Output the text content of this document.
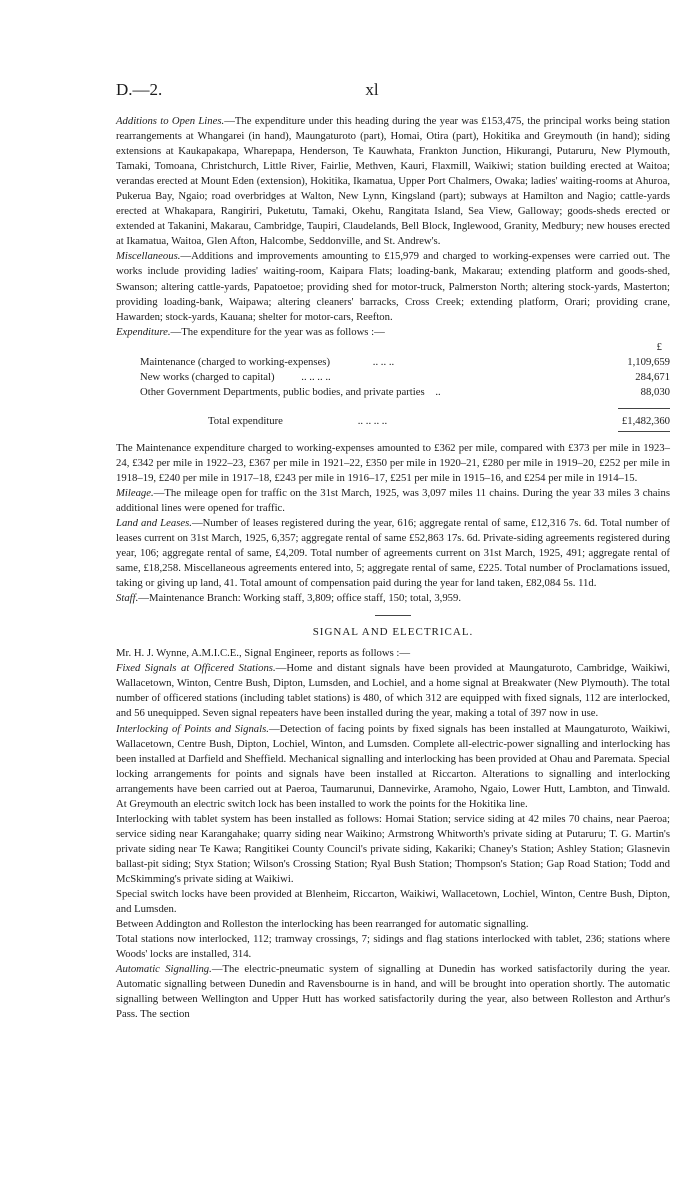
D.—2.	xl

Additions to Open Lines.—The expenditure under this heading during the year was £153,475, the principal works being station rearrangements at Whangarei (in hand), Maungaturoto (part), Homai, Otira (part), Hokitika and Greymouth (in hand); siding extensions at Kaukapakapa, Wharepapa, Henderson, Te Kauwhata, Frankton Junction, Hikurangi, Putaruru, New Plymouth, Tamaki, Tomoana, Christchurch, Little River, Fairlie, Methven, Kauri, Flaxmill, Waikiwi; station building erected at Waitoa; verandas erected at Mount Eden (extension), Hokitika, Ikamatua, Upper Port Chalmers, Owaka; ladies' waiting-rooms at Ahuroa, Pukerua Bay, Ngaio; road overbridges at Walton, New Lynn, Kingsland (part); subways at Hamilton and Nagio; cattle-yards erected at Whakapara, Rangiriri, Puketutu, Tamaki, Okehu, Rangitata Island, Sea View, Galloway; goods-sheds erected or extended at Takanini, Makarau, Cambridge, Taupiri, Claudelands, Bell Block, Inglewood, Granity, Medbury; new houses erected at Ikamatua, Waitoa, Glen Afton, Halcombe, Seddonville, and St. Andrew's.

Miscellaneous.—Additions and improvements amounting to £15,979 and charged to working-expenses were carried out. The works include providing ladies' waiting-room, Kaipara Flats; loading-bank, Makarau; extending platform and goods-shed, Swanson; altering cattle-yards, Papatoetoe; providing shed for motor-truck, Palmerston North; altering stock-yards, Masterton; providing loading-bank, Waipawa; altering cleaners' barracks, Cross Creek; extending platform, Orari; providing crane, Hawarden; stock-yards, Kauana; shelter for motor-cars, Reefton.

Expenditure.—The expenditure for the year was as follows :—

£
Maintenance (charged to working-expenses)	.. .. ..	1,109,659
New works (charged to capital) .. .. .. ..	284,671
Other Government Departments, public bodies, and private parties ..	88,030
Total expenditure	.. .. .. ..	£1,482,360

The Maintenance expenditure charged to working-expenses amounted to £362 per mile, compared with £373 per mile in 1923–24, £342 per mile in 1922–23, £367 per mile in 1921–22, £350 per mile in 1920–21, £280 per mile in 1919–20, £252 per mile in 1918–19, £240 per mile in 1917–18, £243 per mile in 1916–17, £251 per mile in 1915–16, and £254 per mile in 1914–15.

Mileage.—The mileage open for traffic on the 31st March, 1925, was 3,097 miles 11 chains. During the year 33 miles 3 chains additional lines were opened for traffic.

Land and Leases.—Number of leases registered during the year, 616; aggregate rental of same, £12,316 7s. 6d. Total number of leases current on 31st March, 1925, 6,357; aggregate rental of same £52,863 17s. 6d. Private-siding agreements registered during year, 106; aggregate rental of same, £4,209. Total number of agreements current on 31st March, 1925, 491; aggregate rental of same, £18,258. Miscellaneous agreements entered into, 5; aggregate rental of same, £225. Total number of Proclamations issued, taking or giving up land, 41. Total amount of compensation paid during the year for land taken, £82,084 5s. 11d.

Staff.—Maintenance Branch: Working staff, 3,809; office staff, 150; total, 3,959.

SIGNAL AND ELECTRICAL.

Mr. H. J. Wynne, A.M.I.C.E., Signal Engineer, reports as follows :—

Fixed Signals at Officered Stations.—Home and distant signals have been provided at Maungaturoto, Cambridge, Waikiwi, Wallacetown, Winton, Centre Bush, Dipton, Lumsden, and Lochiel, and a home signal at Breakwater (New Plymouth). The total number of officered stations (including tablet stations) is 480, of which 312 are equipped with fixed signals, 112 are interlocked, and 56 unequipped. Seven signal repeaters have been installed during the year, making a total of 397 now in use.

Interlocking of Points and Signals.—Detection of facing points by fixed signals has been installed at Maungaturoto, Waikiwi, Wallacetown, Centre Bush, Dipton, Lochiel, Winton, and Lumsden. Complete all-electric-power signalling and interlocking has been installed at Darfield and Sheffield. Mechanical signalling and interlocking has been provided at Ohau and Paremata. Special locking arrangements for points and signals have been installed at Riccarton. Alterations to signalling and interlocking arrangements have been carried out at Paeroa, Taumarunui, Dannevirke, Aramoho, Ngaio, Lower Hutt, Lambton, and Tinwald. At Greymouth an electric switch lock has been installed to work the points for the Hokitika line.

Interlocking with tablet system has been installed as follows: Homai Station; service siding at 42 miles 70 chains, near Paeroa; service siding near Karangahake; quarry siding near Waikino; Armstrong Whitworth's private siding at Putaruru; T. G. Martin's private siding near Te Kawa; Rangitikei County Council's private siding, Kakariki; Chaney's Station; Ashley Station; Glasnevin ballast-pit siding; Styx Station; Wilson's Crossing Station; Ryal Bush Station; Thompson's Station; Gap Road Station; Todd and McSkimming's private siding at Waikiwi.

Special switch locks have been provided at Blenheim, Riccarton, Waikiwi, Wallacetown, Lochiel, Winton, Centre Bush, Dipton, and Lumsden.

Between Addington and Rolleston the interlocking has been rearranged for automatic signalling.

Total stations now interlocked, 112; tramway crossings, 7; sidings and flag stations interlocked with tablet, 236; stations where Woods' locks are installed, 314.

Automatic Signalling.—The electric-pneumatic system of signalling at Dunedin has worked satisfactorily during the year. Automatic signalling between Dunedin and Ravensbourne is in hand, and will be brought into operation shortly. The automatic signalling between Wellington and Upper Hutt has worked satisfactorily during the year, also between Rolleston and Arthur's Pass. The section
